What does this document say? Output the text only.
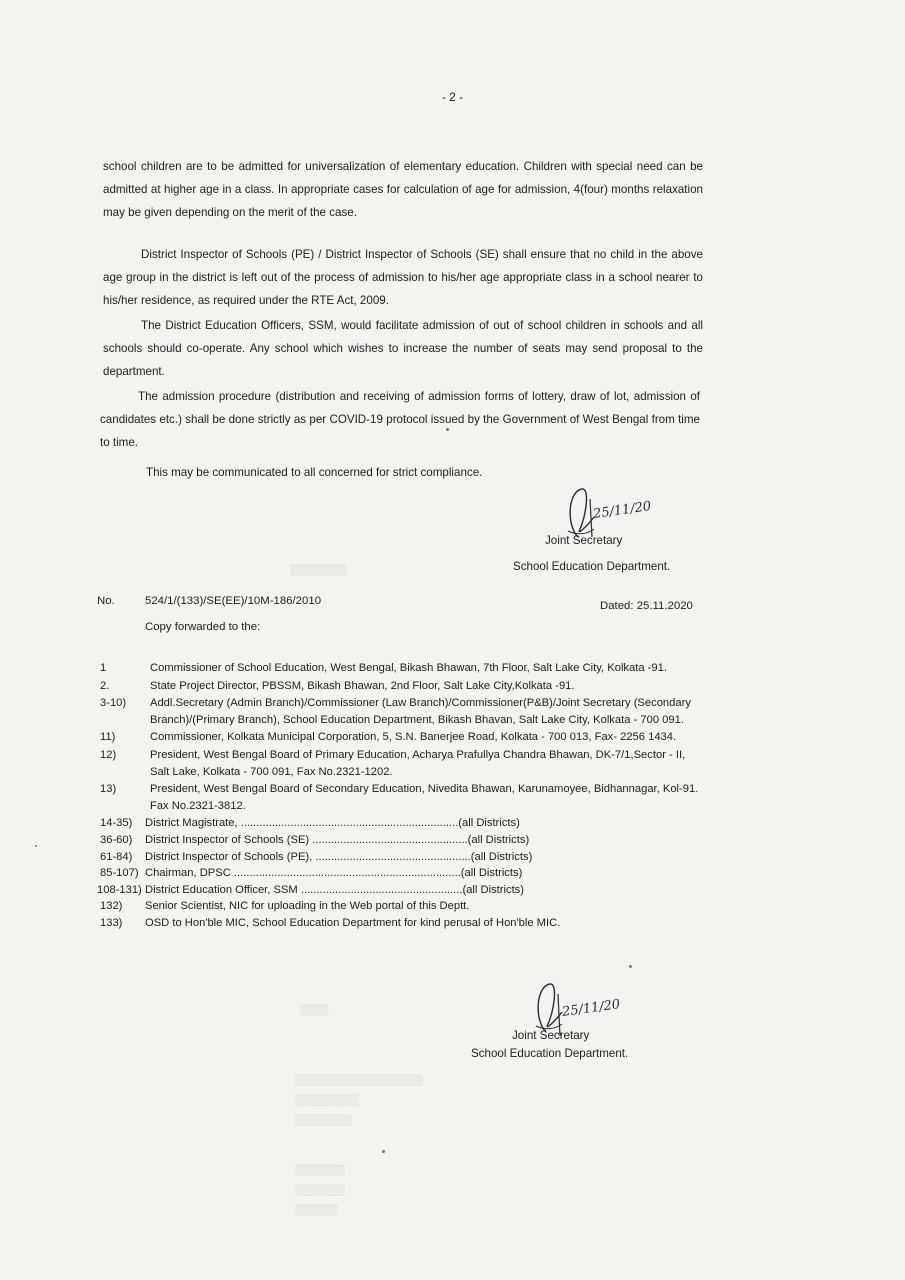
▒▒▒▒▒▒▒▒
▒▒▒▒
▒▒▒▒▒▒▒▒▒▒▒▒▒▒▒▒▒▒
▒▒▒▒▒▒▒▒▒
▒▒▒▒▒▒▒▒
▒▒▒▒▒▒▒
▒▒▒▒▒▒▒
▒▒▒▒▒▒
- 2 -
school children are to be admitted for universalization of elementary education. Children with special need can be admitted at higher age in a class. In appropriate cases for calculation of age for admission, 4(four) months relaxation may be given depending on the merit of the case.
District Inspector of Schools (PE) / District Inspector of Schools (SE) shall ensure that no child in the above age group in the district is left out of the process of admission to his/her age appropriate class in a school nearer to his/her residence, as required under the RTE Act, 2009.
The District Education Officers, SSM, would facilitate admission of out of school children in schools and all schools should co-operate. Any school which wishes to increase the number of seats may send proposal to the department.
The admission procedure (distribution and receiving of admission forms of lottery, draw of lot, admission of candidates etc.) shall be done strictly as per COVID-19 protocol issued by the Government of West Bengal from time to time.
This may be communicated to all concerned for strict compliance.
25/11/20
Joint Secretary
School Education Department.
No.	524/1/(133)/SE(EE)/10M-186/2010	Dated: 25.11.2020
Copy forwarded to the:
1	Commissioner of School Education, West Bengal, Bikash Bhawan, 7th Floor, Salt Lake City, Kolkata -91.
2.	State Project Director, PBSSM, Bikash Bhawan, 2nd Floor, Salt Lake City,Kolkata -91.
3-10)	Addl.Secretary (Admin Branch)/Commissioner (Law Branch)/Commissioner(P&B)/Joint Secretary (Secondary Branch)/(Primary Branch), School Education Department, Bikash Bhavan, Salt Lake City, Kolkata - 700 091.
11)	Commissioner, Kolkata Municipal Corporation, 5, S.N. Banerjee Road, Kolkata - 700 013, Fax- 2256 1434.
12)	President, West Bengal Board of Primary Education, Acharya Prafullya Chandra Bhawan, DK-7/1,Sector - II, Salt Lake, Kolkata - 700 091, Fax No.2321-1202.
13)	President, West Bengal Board of Secondary Education, Nivedita Bhawan, Karunamoyee, Bidhannagar, Kol-91. Fax No.2321-3812.
14-35)	District Magistrate, ......................................................................(all Districts)
36-60)	District Inspector of Schools (SE) ..................................................(all Districts)
61-84)	District Inspector of Schools (PE), ..................................................(all Districts)
85-107) Chairman, DPSC .........................................................................(all Districts)
108-131) District Education Officer, SSM ....................................................(all Districts)
132)	Senior Scientist, NIC for uploading in the Web portal of this Deptt.
133)	OSD to Hon'ble MIC, School Education Department for kind perusal of Hon'ble MIC.
25/11/20
Joint Secretary
School Education Department.
